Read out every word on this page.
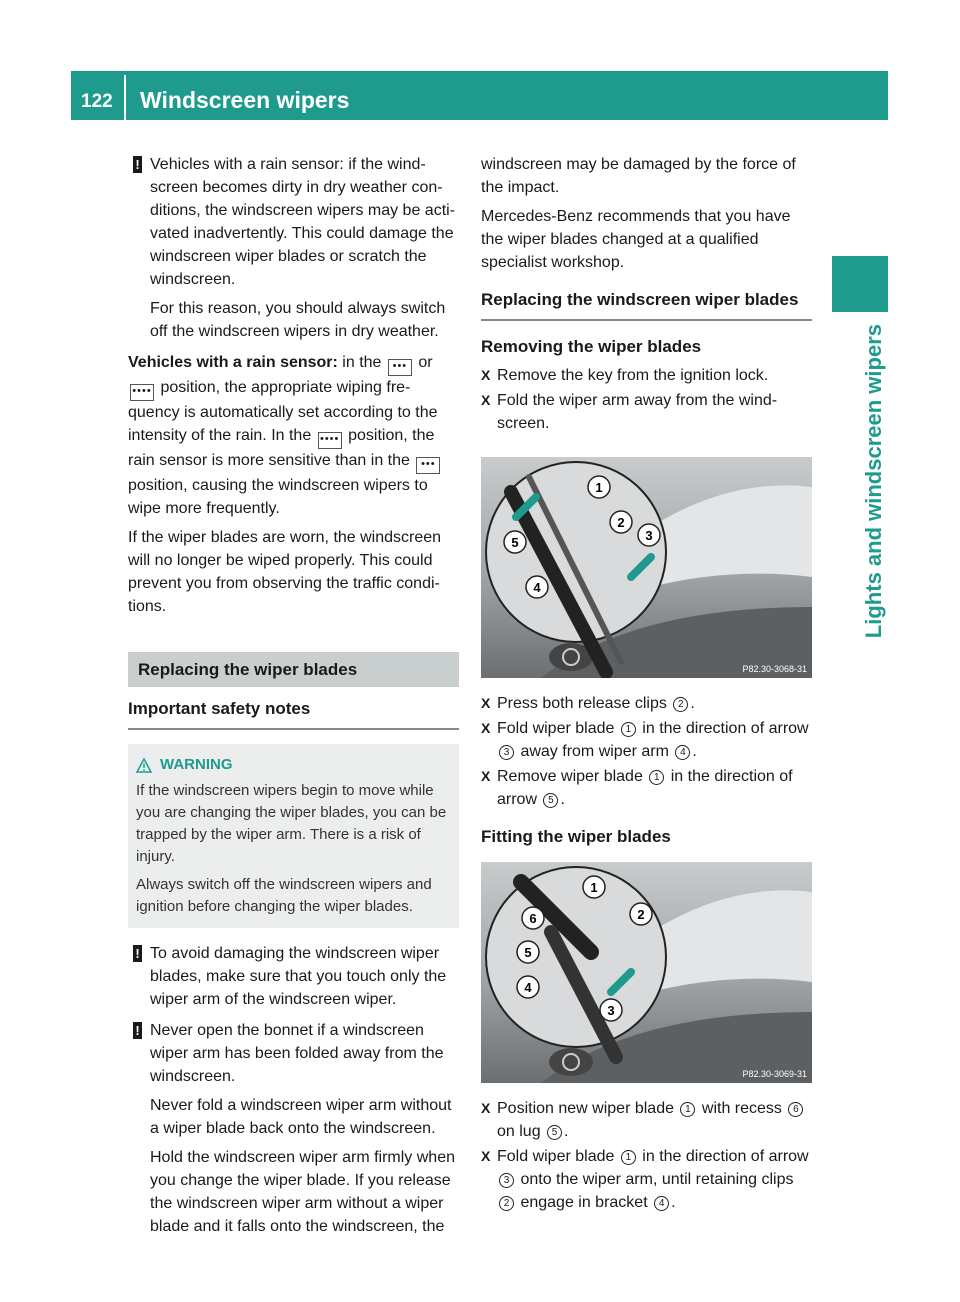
122 Windscreen wipers
Lights and windscreen wipers
! Vehicles with a rain sensor: if the wind-screen becomes dirty in dry weather con-ditions, the windscreen wipers may be acti-vated inadvertently. This could damage the windscreen wiper blades or scratch the windscreen.

For this reason, you should always switch off the windscreen wipers in dry weather.

Vehicles with a rain sensor: in the ••• or •••• position, the appropriate wiping fre-quency is automatically set according to the intensity of the rain. In the •••• position, the rain sensor is more sensitive than in the ••• position, causing the windscreen wipers to wipe more frequently.

If the wiper blades are worn, the windscreen will no longer be wiped properly. This could prevent you from observing the traffic condi-tions.

Replacing the wiper blades
Important safety notes
WARNING

If the windscreen wipers begin to move while you are changing the wiper blades, you can be trapped by the wiper arm. There is a risk of injury.

Always switch off the windscreen wipers and ignition before changing the wiper blades.

! To avoid damaging the windscreen wiper blades, make sure that you touch only the wiper arm of the windscreen wiper.

! Never open the bonnet if a windscreen wiper arm has been folded away from the windscreen.

Never fold a windscreen wiper arm without a wiper blade back onto the windscreen.

Hold the windscreen wiper arm firmly when you change the wiper blade. If you release the windscreen wiper arm without a wiper blade and it falls onto the windscreen, the

windscreen may be damaged by the force of the impact.

Mercedes-Benz recommends that you have the wiper blades changed at a qualified specialist workshop.

Replacing the windscreen wiper blades
Removing the wiper blades
X Remove the key from the ignition lock.
X Fold the wiper arm away from the wind-screen.
1
2
3
4
5
P82.30-3068-31
X Press both release clips 2 .
X Fold wiper blade 1 in the direction of arrow 3 away from wiper arm 4 .
X Remove wiper blade 1 in the direction of arrow 5 .
Fitting the wiper blades
1
2
3
4
5
6
P82.30-3069-31
X Position new wiper blade 1 with recess 6 on lug 5 .
X Fold wiper blade 1 in the direction of arrow 3 onto the wiper arm, until retaining clips 2 engage in bracket 4 .
